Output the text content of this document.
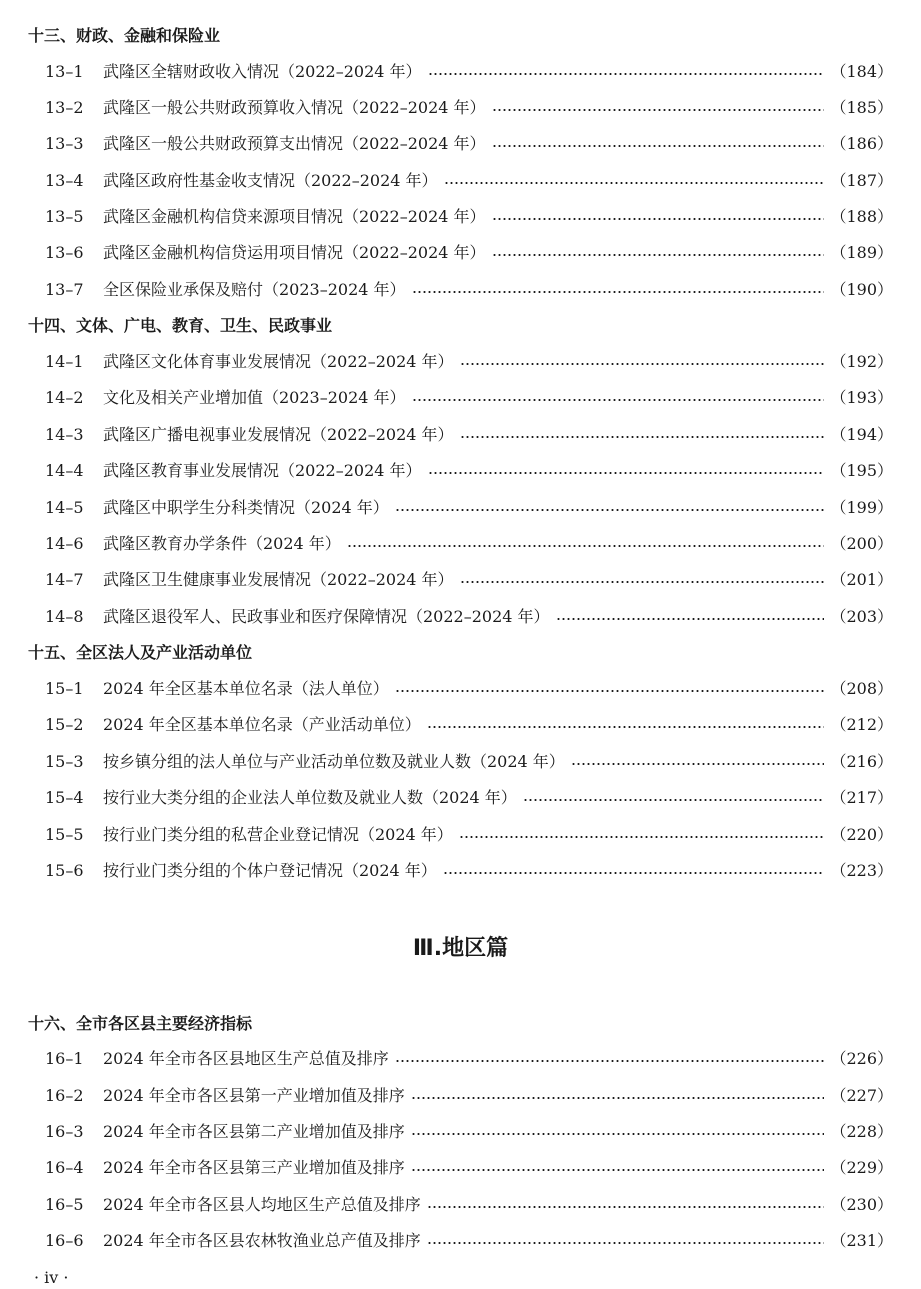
十三、财政、金融和保险业
13–1	武隆区全辖财政收入情况（2022–2024 年）	（184）
13–2	武隆区一般公共财政预算收入情况（2022–2024 年）	（185）
13–3	武隆区一般公共财政预算支出情况（2022–2024 年）	（186）
13–4	武隆区政府性基金收支情况（2022–2024 年）	（187）
13–5	武隆区金融机构信贷来源项目情况（2022–2024 年）	（188）
13–6	武隆区金融机构信贷运用项目情况（2022–2024 年）	（189）
13–7	全区保险业承保及赔付（2023–2024 年）	（190）
十四、文体、广电、教育、卫生、民政事业
14–1	武隆区文化体育事业发展情况（2022–2024 年）	（192）
14–2	文化及相关产业增加值（2023–2024 年）	（193）
14–3	武隆区广播电视事业发展情况（2022–2024 年）	（194）
14–4	武隆区教育事业发展情况（2022–2024 年）	（195）
14–5	武隆区中职学生分科类情况（2024 年）	（199）
14–6	武隆区教育办学条件（2024 年）	（200）
14–7	武隆区卫生健康事业发展情况（2022–2024 年）	（201）
14–8	武隆区退役军人、民政事业和医疗保障情况（2022–2024 年）	（203）
十五、全区法人及产业活动单位
15–1	2024 年全区基本单位名录（法人单位）	（208）
15–2	2024 年全区基本单位名录（产业活动单位）	（212）
15–3	按乡镇分组的法人单位与产业活动单位数及就业人数（2024 年）	（216）
15–4	按行业大类分组的企业法人单位数及就业人数（2024 年）	（217）
15–5	按行业门类分组的私营企业登记情况（2024 年）	（220）
15–6	按行业门类分组的个体户登记情况（2024 年）	（223）
Ⅲ.地区篇
十六、全市各区县主要经济指标
16–1	2024 年全市各区县地区生产总值及排序	（226）
16–2	2024 年全市各区县第一产业增加值及排序	（227）
16–3	2024 年全市各区县第二产业增加值及排序	（228）
16–4	2024 年全市各区县第三产业增加值及排序	（229）
16–5	2024 年全市各区县人均地区生产总值及排序	（230）
16–6	2024 年全市各区县农林牧渔业总产值及排序	（231）
· ⅳ ·
